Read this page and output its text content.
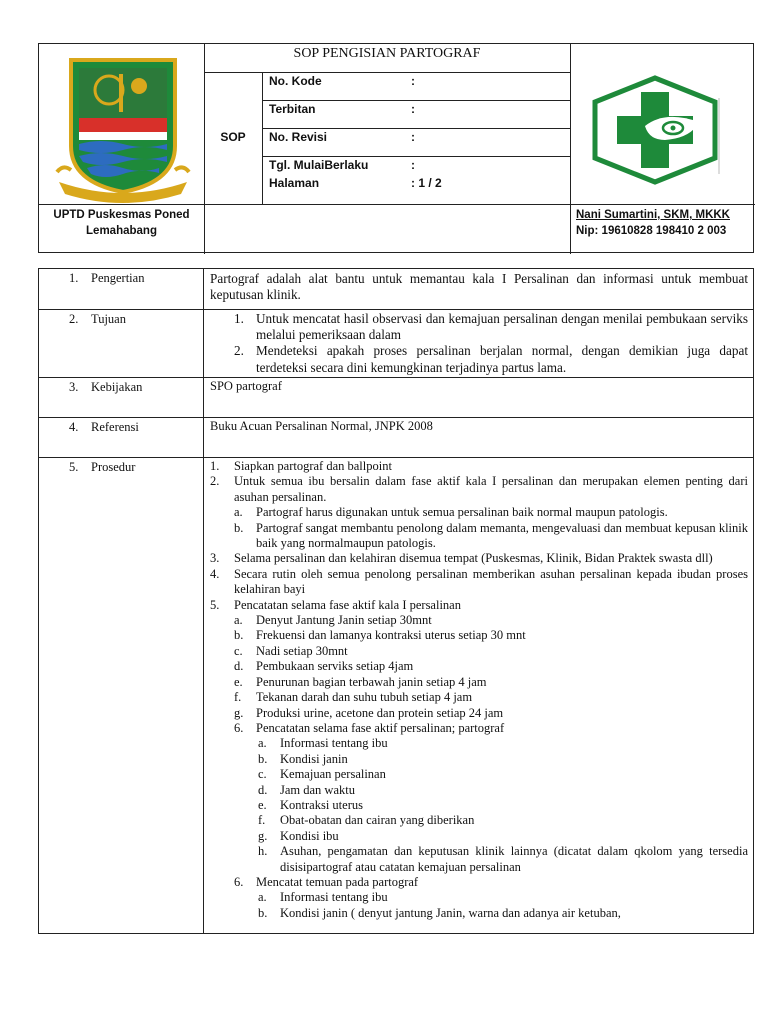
SOP PENGISIAN PARTOGRAF
SOP
No. Kode	:
Terbitan	:
No. Revisi	:
Tgl. MulaiBerlaku	:
Halaman	: 1 / 2
UPTD Puskesmas Poned
Lemahabang
Nani Sumartini, SKM, MKKK
Nip: 19610828 198410 2 003
1. Pengertian	Partograf adalah alat bantu untuk memantau kala I Persalinan dan informasi untuk membuat keputusan klinik.
2. Tujuan	1. Untuk mencatat hasil observasi dan kemajuan persalinan dengan menilai pembukaan serviks melalui pemeriksaan dalam
2. Mendeteksi apakah proses persalinan berjalan normal, dengan demikian juga dapat terdeteksi secara dini kemungkinan terjadinya partus lama.
3. Kebijakan	SPO partograf
4. Referensi	Buku Acuan Persalinan Normal, JNPK 2008
5. Prosedur	1. Siapkan partograf dan ballpoint
2. Untuk semua ibu bersalin dalam fase aktif kala I persalinan dan merupakan elemen penting dari asuhan persalinan.
a. Partograf harus digunakan untuk semua persalinan baik normal maupun patologis.
b. Partograf sangat membantu penolong dalam memanta, mengevaluasi dan membuat kepusan klinik baik yang normalmaupun patologis.
3. Selama persalinan dan kelahiran disemua tempat (Puskesmas, Klinik, Bidan Praktek swasta dll)
4. Secara rutin oleh semua penolong persalinan memberikan asuhan persalinan kepada ibudan proses kelahiran bayi
5. Pencatatan selama fase aktif kala I persalinan
a. Denyut Jantung Janin setiap 30mnt
b. Frekuensi dan lamanya kontraksi uterus setiap 30 mnt
c. Nadi setiap 30mnt
d. Pembukaan serviks setiap 4jam
e. Penurunan bagian terbawah janin setiap 4 jam
f. Tekanan darah dan suhu tubuh setiap 4 jam
g. Produksi urine, acetone dan protein setiap 24 jam
6. Pencatatan selama fase aktif persalinan; partograf
a. Informasi tentang ibu
b. Kondisi janin
c. Kemajuan persalinan
d. Jam dan waktu
e. Kontraksi uterus
f. Obat-obatan dan cairan yang diberikan
g. Kondisi ibu
h. Asuhan, pengamatan dan keputusan klinik lainnya (dicatat dalam qkolom yang tersedia disisipartograf atau catatan kemajuan persalinan
6. Mencatat temuan pada partograf
a. Informasi tentang ibu
b. Kondisi janin ( denyut jantung Janin, warna dan adanya air ketuban,
